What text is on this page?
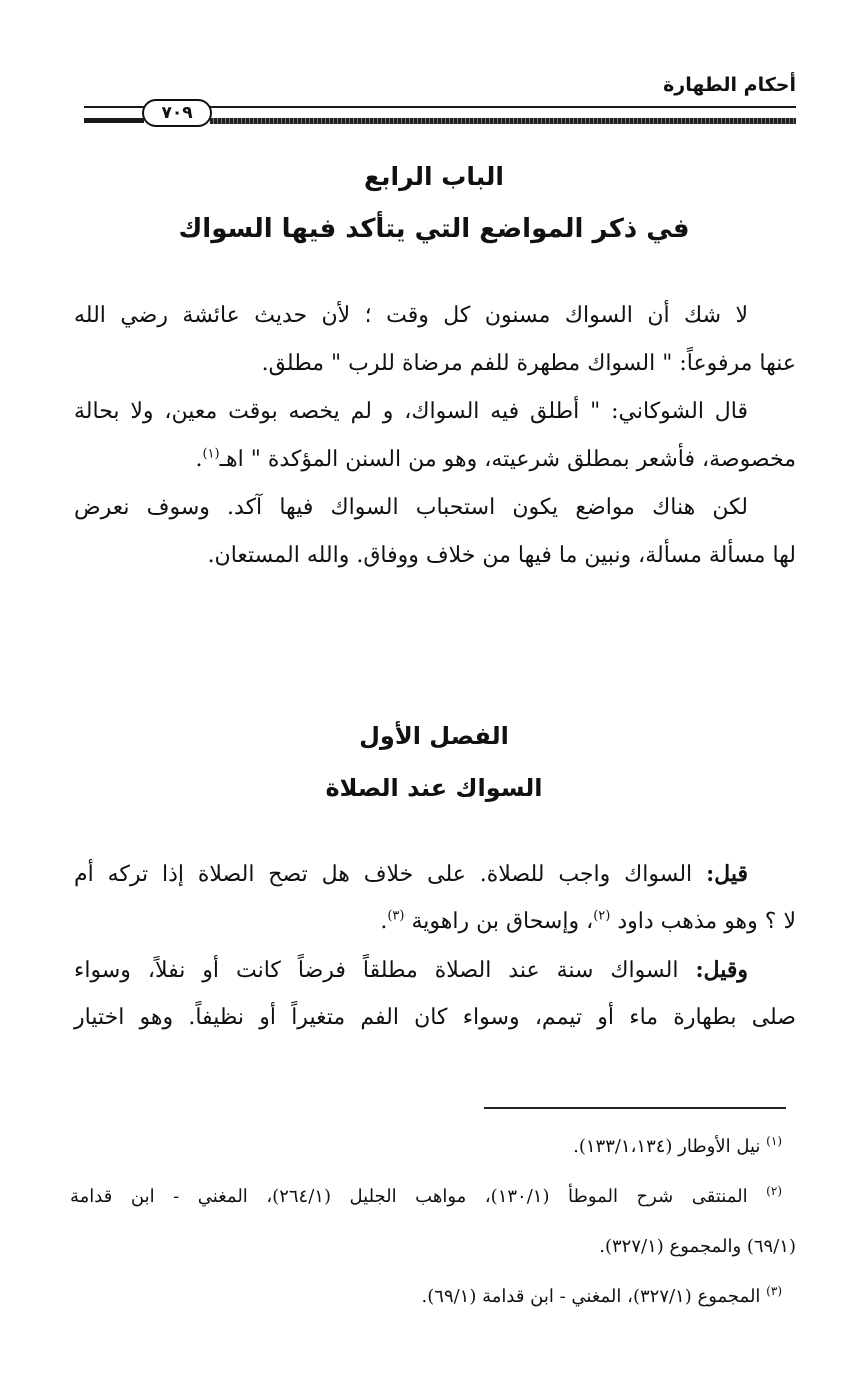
أحكام الطهارة
٧٠٩
الباب الرابع
في ذكر المواضع التي يتأكد فيها السواك
لا شك أن السواك مسنون كل وقت ؛ لأن حديث عائشة رضي الله
عنها مرفوعاً: " السواك مطهرة للفم مرضاة للرب " مطلق.
قال الشوكاني: " أطلق فيه السواك، و لم يخصه بوقت معين، ولا بحالة
مخصوصة، فأشعر بمطلق شرعيته، وهو من السنن المؤكدة " اهـ$^{(١)}$.
لكن هناك مواضع يكون استحباب السواك فيها آكد. وسوف نعرض
لها مسألة مسألة، ونبين ما فيها من خلاف ووفاق. والله المستعان.
الفصل الأول
السواك عند الصلاة
قيل: السواك واجب للصلاة. على خلاف هل تصح الصلاة إذا تركه أم
لا ؟ وهو مذهب داود $^{(٢)}$، وإسحاق بن راهوية $^{(٣)}$.
وقيل: السواك سنة عند الصلاة مطلقاً فرضاً كانت أو نفلاً، وسواء
صلى بطهارة ماء أو تيمم، وسواء كان الفم متغيراً أو نظيفاً. وهو اختيار
$^{(١)}$ نيل الأوطار (١٣٣/١،١٣٤).
$^{(٢)}$ المنتقى شرح الموطأ (١٣٠/١)، مواهب الجليل (٢٦٤/١)، المغني - ابن قدامة
(٦٩/١) والمجموع (٣٢٧/١).
$^{(٣)}$ المجموع (٣٢٧/١)، المغني - ابن قدامة (٦٩/١).
